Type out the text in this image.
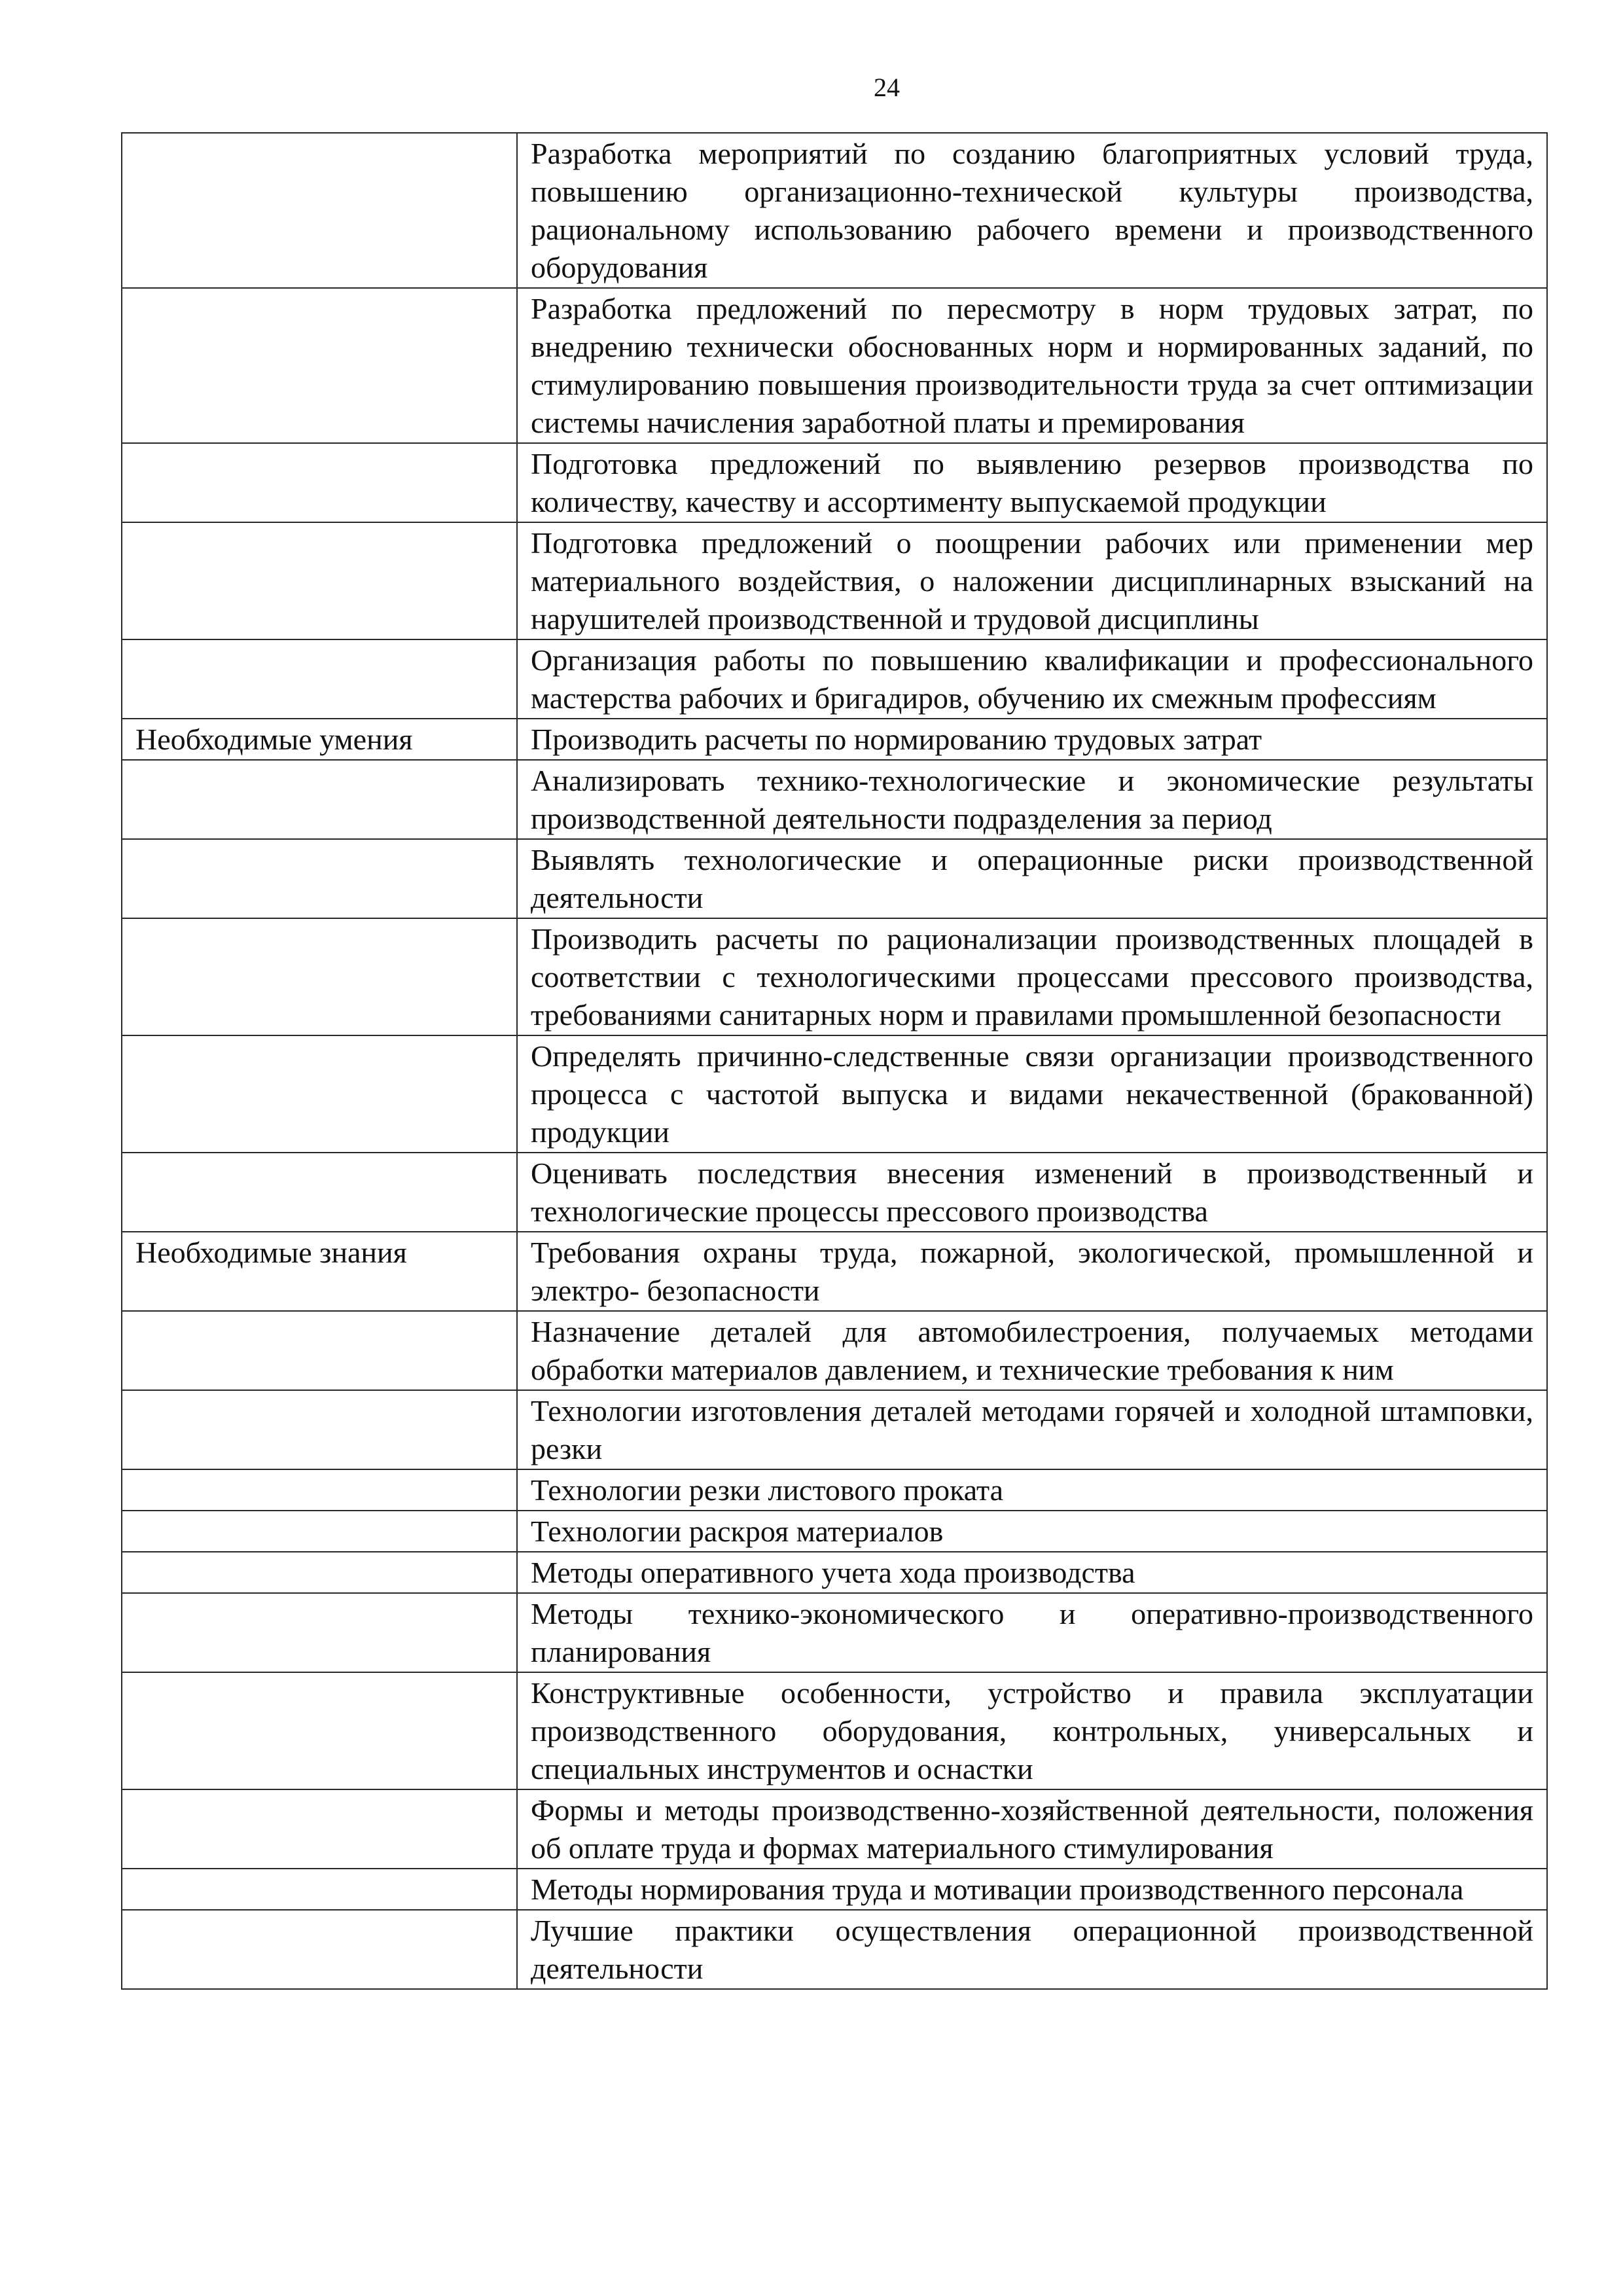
24
	Разработка мероприятий по созданию благоприятных условий труда, повышению организационно-технической культуры производства, рациональному использованию рабочего времени и производственного оборудования
	Разработка предложений по пересмотру в норм трудовых затрат, по внедрению технически обоснованных норм и нормированных заданий, по стимулированию повышения производительности труда за счет оптимизации системы начисления заработной платы и премирования
	Подготовка предложений по выявлению резервов производства по количеству, качеству и ассортименту выпускаемой продукции
	Подготовка предложений о поощрении рабочих или применении мер материального воздействия, о наложении дисциплинарных взысканий на нарушителей производственной и трудовой дисциплины
	Организация работы по повышению квалификации и профессионального мастерства рабочих и бригадиров, обучению их смежным профессиям
Необходимые умения	Производить расчеты по нормированию трудовых затрат
	Анализировать технико-технологические и экономические результаты производственной деятельности подразделения за период
	Выявлять технологические и операционные риски производственной деятельности
	Производить расчеты по рационализации производственных площадей в соответствии с технологическими процессами прессового производства, требованиями санитарных норм и правилами промышленной безопасности
	Определять причинно-следственные связи организации производственного процесса с частотой выпуска и видами некачественной (бракованной) продукции
	Оценивать последствия внесения изменений в производственный и технологические процессы прессового производства
Необходимые знания	Требования охраны труда, пожарной, экологической, промышленной и электро- безопасности
	Назначение деталей для автомобилестроения, получаемых методами обработки материалов давлением, и технические требования к ним
	Технологии изготовления деталей методами горячей и холодной штамповки, резки
	Технологии резки листового проката
	Технологии раскроя материалов
	Методы оперативного учета хода производства
	Методы технико-экономического и оперативно-производственного планирования
	Конструктивные особенности, устройство и правила эксплуатации производственного оборудования, контрольных, универсальных и специальных инструментов и оснастки
	Формы и методы производственно-хозяйственной деятельности, положения об оплате труда и формах материального стимулирования
	Методы нормирования труда и мотивации производственного персонала
	Лучшие практики осуществления операционной производственной деятельности
